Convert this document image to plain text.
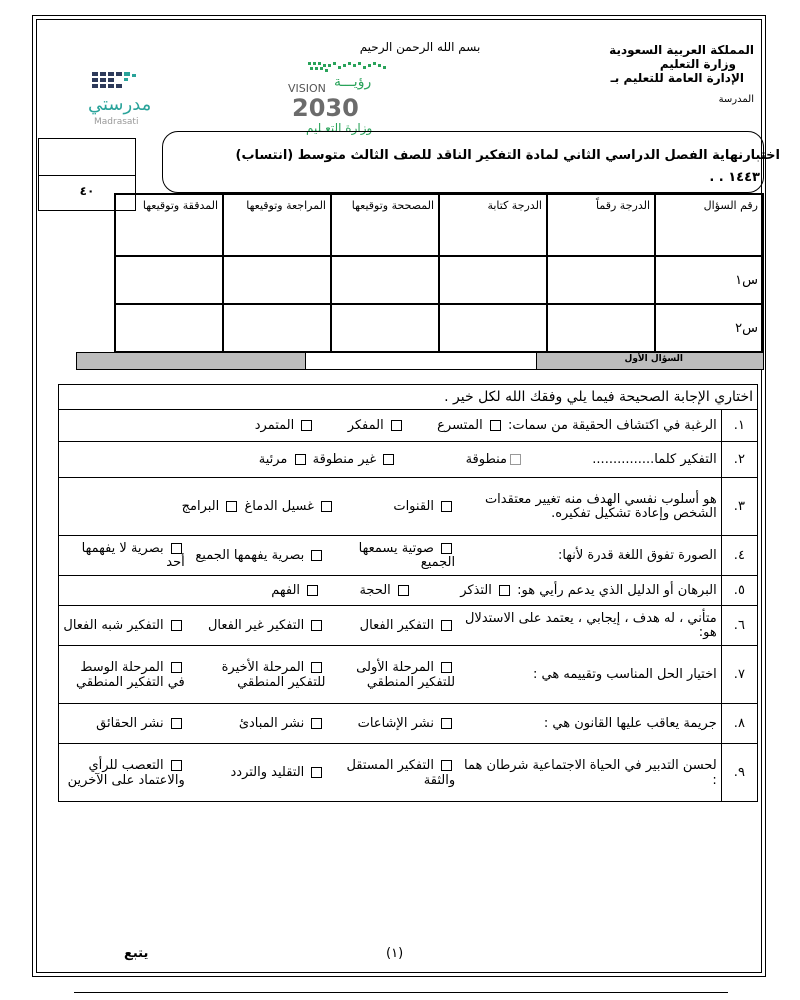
المملكة العربية السعودية
وزارة التعليم
الإدارة العامة للتعليم بـ
المدرسة
بسم الله الرحمن الرحيم
VISION رؤيـــة
2030
وزارة التعـليم
مدرستي
Madrasati
اختبارنهاية الفصل الدراسي الثاني لمادة التفكير الناقد للصف الثالث متوسط (انتساب)
١٤٤٣ . .
٤٠
رقم السؤال	الدرجة رقماً	الدرجة كتابة	المصححة وتوقيعها	المراجعة وتوقيعها	المدققة وتوقيعها
س١					
س٢					
السؤال الأول
اختاري الإجابة الصحيحة فيما يلي وفقك الله لكل خير .				
١.	الرغبة في اكتشاف الحقيقة من سمات:  المتسرع   المفكر   المتمرد			
٢.	التفكير كلما...............  منطوقة   غير منطوقة  مرئية			
٣.	هو أسلوب نفسي الهدف منه تغيير معتقدات الشخص وإعادة تشكيل تفكيره.	القنوات   غسيل الدماغ  البرامج		
٤.	الصورة تفوق اللغة قدرة لأنها:	صوتية يسمعها الجميع	بصرية يفهمها الجميع	بصرية لا يفهمها أحد
٥.	البرهان أو الدليل الذي يدعم رأيي هو:  التذكر   الحجة   الفهم			
٦.	متأني ، له هدف ، إيجابي ، يعتمد على الاستدلال هو:	التفكير الفعال	التفكير غير الفعال	التفكير شبه الفعال
٧.	اختيار الحل المناسب وتقييمه هي :	المرحلة الأولى للتفكير المنطقي	المرحلة الأخيرة للتفكير المنطقي	المرحلة الوسط في التفكير المنطقي
٨.	جريمة يعاقب عليها القانون هي :	نشر الإشاعات	نشر المبادئ	نشر الحقائق
٩.	لحسن التدبير في الحياة الاجتماعية شرطان هما :	التفكير المستقل والثقة	التقليد والتردد	التعصب للرأي والاعتماد على الآخرين
يتبع	(١)
